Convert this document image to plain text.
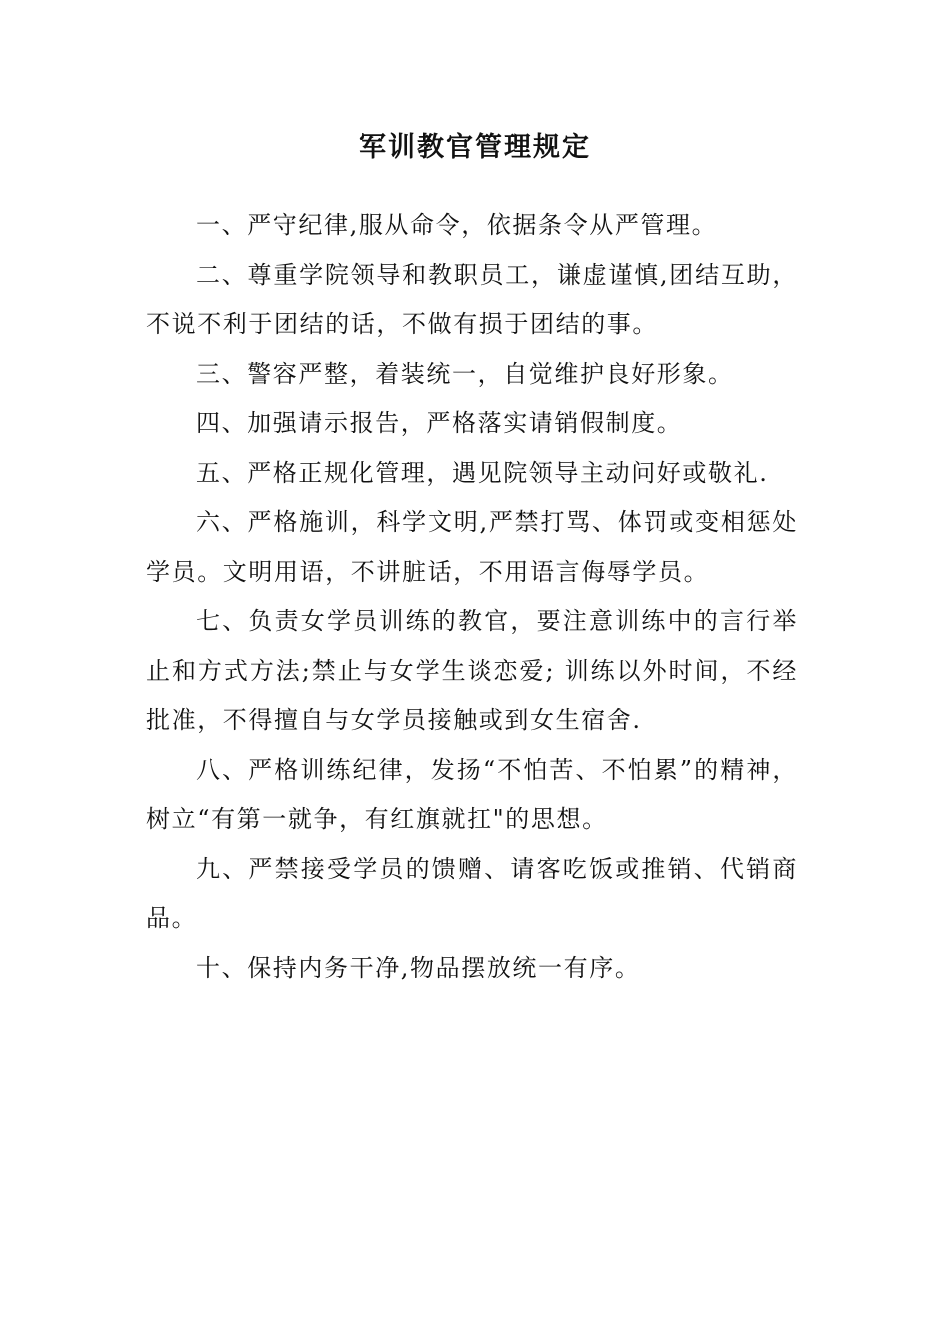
军训教官管理规定

一、严守纪律,服从命令，依据条令从严管理。

二、尊重学院领导和教职员工，谦虚谨慎,团结互助，不说不利于团结的话，不做有损于团结的事。

三、警容严整，着装统一，自觉维护良好形象。

四、加强请示报告，严格落实请销假制度。

五、严格正规化管理，遇见院领导主动问好或敬礼.

六、严格施训，科学文明,严禁打骂、体罚或变相惩处学员。文明用语，不讲脏话，不用语言侮辱学员。

七、负责女学员训练的教官，要注意训练中的言行举止和方式方法;禁止与女学生谈恋爱; 训练以外时间，不经批准，不得擅自与女学员接触或到女生宿舍.

八、严格训练纪律，发扬“不怕苦、不怕累”的精神，树立“有第一就争，有红旗就扛"的思想。

九、严禁接受学员的馈赠、请客吃饭或推销、代销商品。

十、保持内务干净,物品摆放统一有序。
